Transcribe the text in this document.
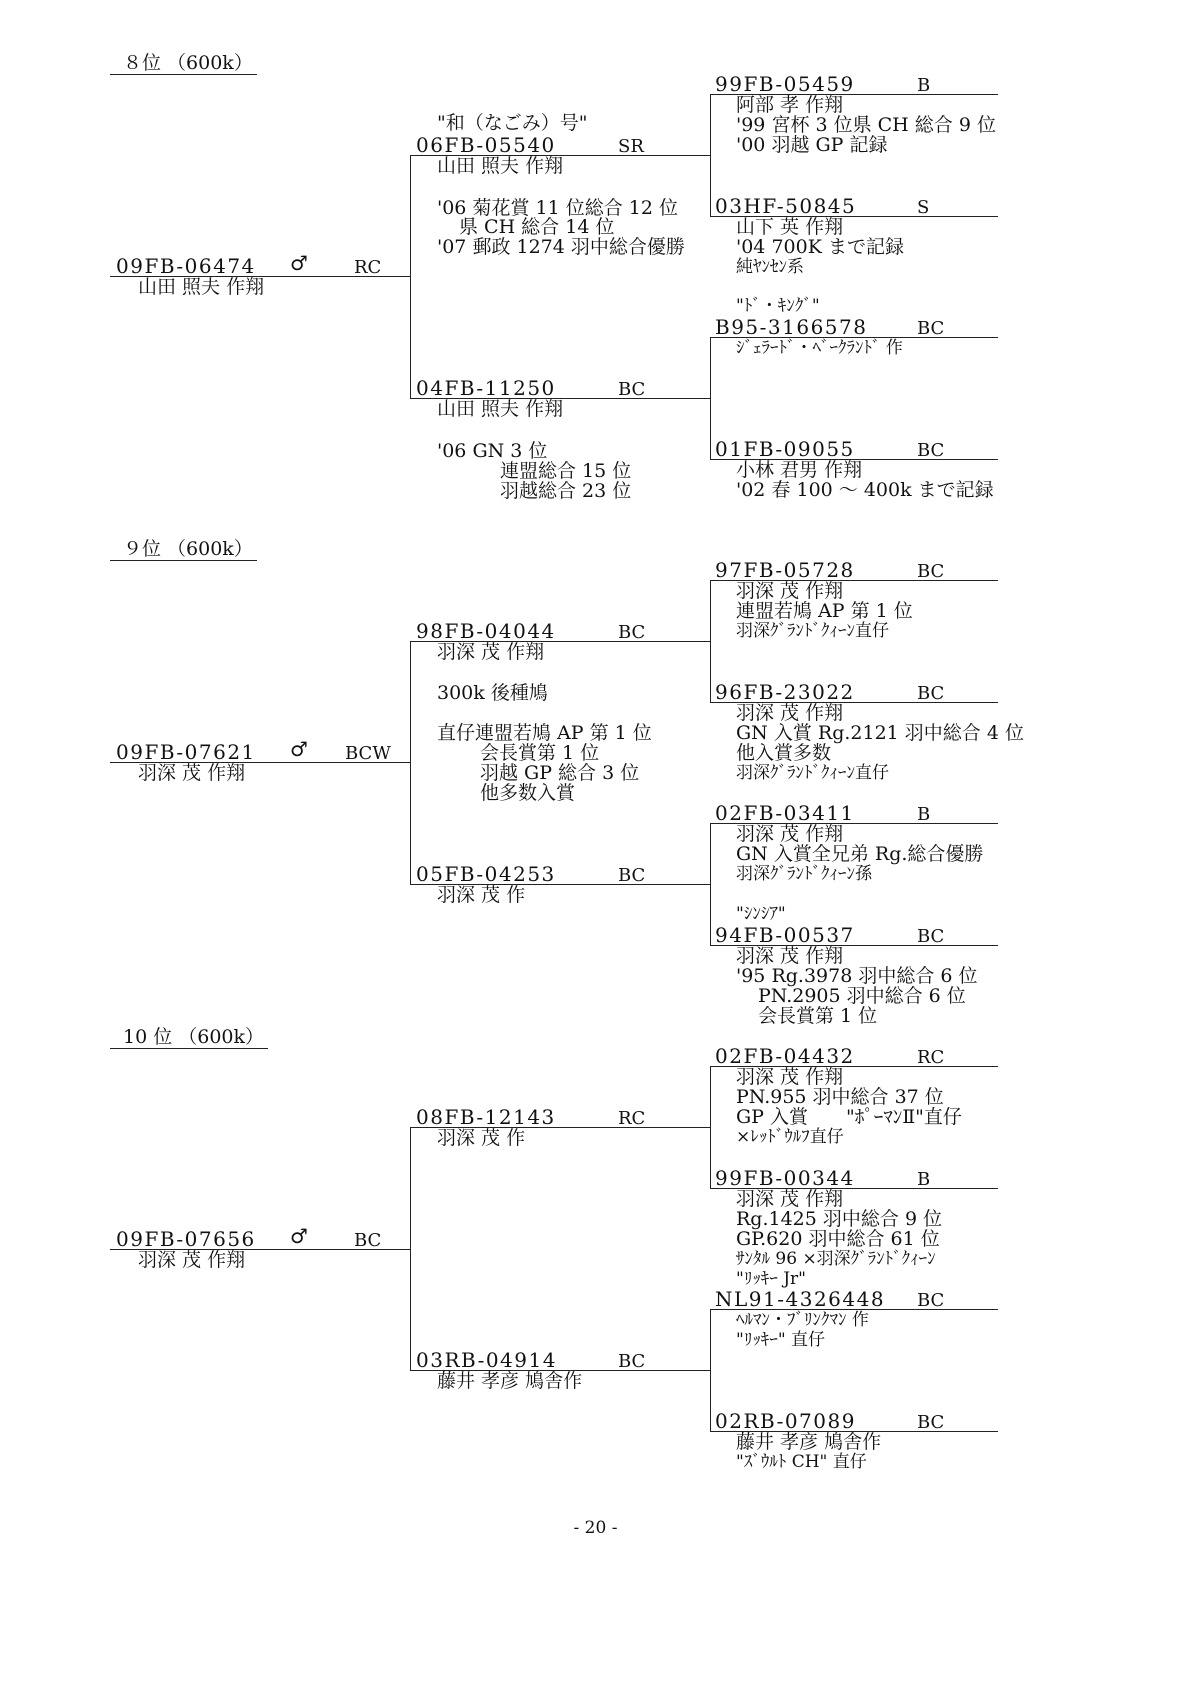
８位 （600k）
09FB-06474 ♂	RC
山田 照夫 作翔
"和（なごみ）号"
06FB-05540	SR
山田 照夫 作翔
'06 菊花賞 11 位総合 12 位
県 CH 総合 14 位
'07 郵政 1274 羽中総合優勝
04FB-11250	BC
山田 照夫 作翔
'06 GN 3 位
連盟総合 15 位
羽越総合 23 位
99FB-05459	B
阿部 孝 作翔
'99 宮杯 3 位県 CH 総合 9 位
'00 羽越 GP 記録
03HF-50845	S
山下 英 作翔
'04 700K まで記録
純ﾔﾝｾﾝ系
"ﾄﾞ・ｷﾝｸﾞ"
B95-3166578	BC
ｼﾞｪﾗｰﾄﾞ・ﾍﾞｰｸﾗﾝﾄﾞ 作
01FB-09055	BC
小林 君男 作翔
'02 春 100 ～ 400k まで記録
９位 （600k）
09FB-07621 ♂ BCW
羽深 茂 作翔
98FB-04044	BC
羽深 茂 作翔
300k 後種鳩
直仔連盟若鳩 AP 第 1 位
会長賞第 1 位
羽越 GP 総合 3 位
他多数入賞
05FB-04253	BC
羽深 茂 作
97FB-05728	BC
羽深 茂 作翔
連盟若鳩 AP 第 1 位
羽深ｸﾞﾗﾝﾄﾞｸｨｰﾝ直仔
96FB-23022	BC
羽深 茂 作翔
GN 入賞 Rg.2121 羽中総合 4 位
他入賞多数
羽深ｸﾞﾗﾝﾄﾞｸｨｰﾝ直仔
02FB-03411	B
羽深 茂 作翔
GN 入賞全兄弟 Rg.総合優勝
羽深ｸﾞﾗﾝﾄﾞｸｨｰﾝ孫
"ｼﾝｼｱ"
94FB-00537	BC
羽深 茂 作翔
'95 Rg.3978 羽中総合 6 位
PN.2905 羽中総合 6 位
会長賞第 1 位
10 位 （600k）
09FB-07656 ♂	BC
羽深 茂 作翔
08FB-12143	RC
羽深 茂 作
03RB-04914	BC
藤井 孝彦 鳩舎作
02FB-04432	RC
羽深 茂 作翔
PN.955 羽中総合 37 位
GP 入賞　　"ﾎﾟｰﾏﾝⅡ"直仔
×ﾚｯﾄﾞｳﾙﾌ直仔
99FB-00344	B
羽深 茂 作翔
Rg.1425 羽中総合 9 位
GP.620 羽中総合 61 位
ｻﾝﾀﾙ 96 ×羽深ｸﾞﾗﾝﾄﾞｸｨｰﾝ
"ﾘｯｷｰ Jr"
NL91-4326448 BC
ﾍﾙﾏﾝ・ﾌﾞﾘﾝｸﾏﾝ 作
"ﾘｯｷｰ" 直仔
02RB-07089	BC
藤井 孝彦 鳩舎作
"ｽﾞｳﾙﾄ CH" 直仔
- 20 -
